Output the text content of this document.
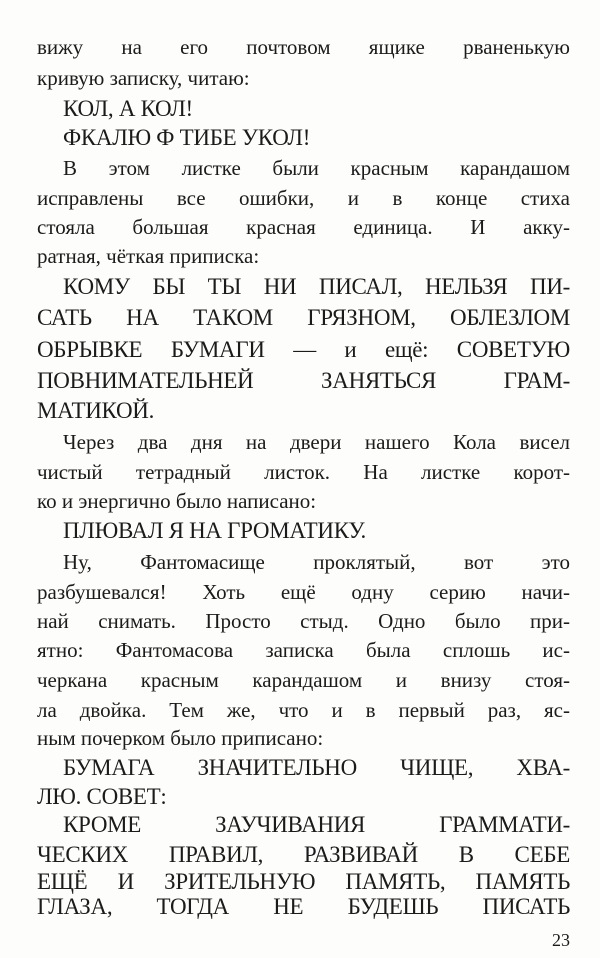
вижу на его почтовом ящике рваненькую
кривую записку, читаю:
КОЛ, А КОЛ!
ФКАЛЮ Ф ТИБЕ УКОЛ!
В этом листке были красным карандашом
исправлены все ошибки, и в конце стиха
стояла большая красная единица. И акку-
ратная, чёткая приписка:
КОМУ БЫ ТЫ НИ ПИСАЛ, НЕЛЬЗЯ ПИ-
САТЬ НА ТАКОМ ГРЯЗНОМ, ОБЛЕЗЛОМ
ОБРЫВКЕ БУМАГИ — и ещё: СОВЕТУЮ
ПОВНИМАТЕЛЬНЕЙ ЗАНЯТЬСЯ ГРАМ-
МАТИКОЙ.
Через два дня на двери нашего Кола висел
чистый тетрадный листок. На листке корот-
ко и энергично было написано:
ПЛЮВАЛ Я НА ГРОМАТИКУ.
Ну, Фантомасище проклятый, вот это
разбушевался! Хоть ещё одну серию начи-
най снимать. Просто стыд. Одно было при-
ятно: Фантомасова записка была сплошь ис-
черкана красным карандашом и внизу стоя-
ла двойка. Тем же, что и в первый раз, яс-
ным почерком было приписано:
БУМАГА ЗНАЧИТЕЛЬНО ЧИЩЕ, ХВА-
ЛЮ. СОВЕТ:
КРОМЕ ЗАУЧИВАНИЯ ГРАММАТИ-
ЧЕСКИХ ПРАВИЛ, РАЗВИВАЙ В СЕБЕ
ЕЩЁ И ЗРИТЕЛЬНУЮ ПАМЯТЬ, ПАМЯТЬ
ГЛАЗА, ТОГДА НЕ БУДЕШЬ ПИСАТЬ
23
